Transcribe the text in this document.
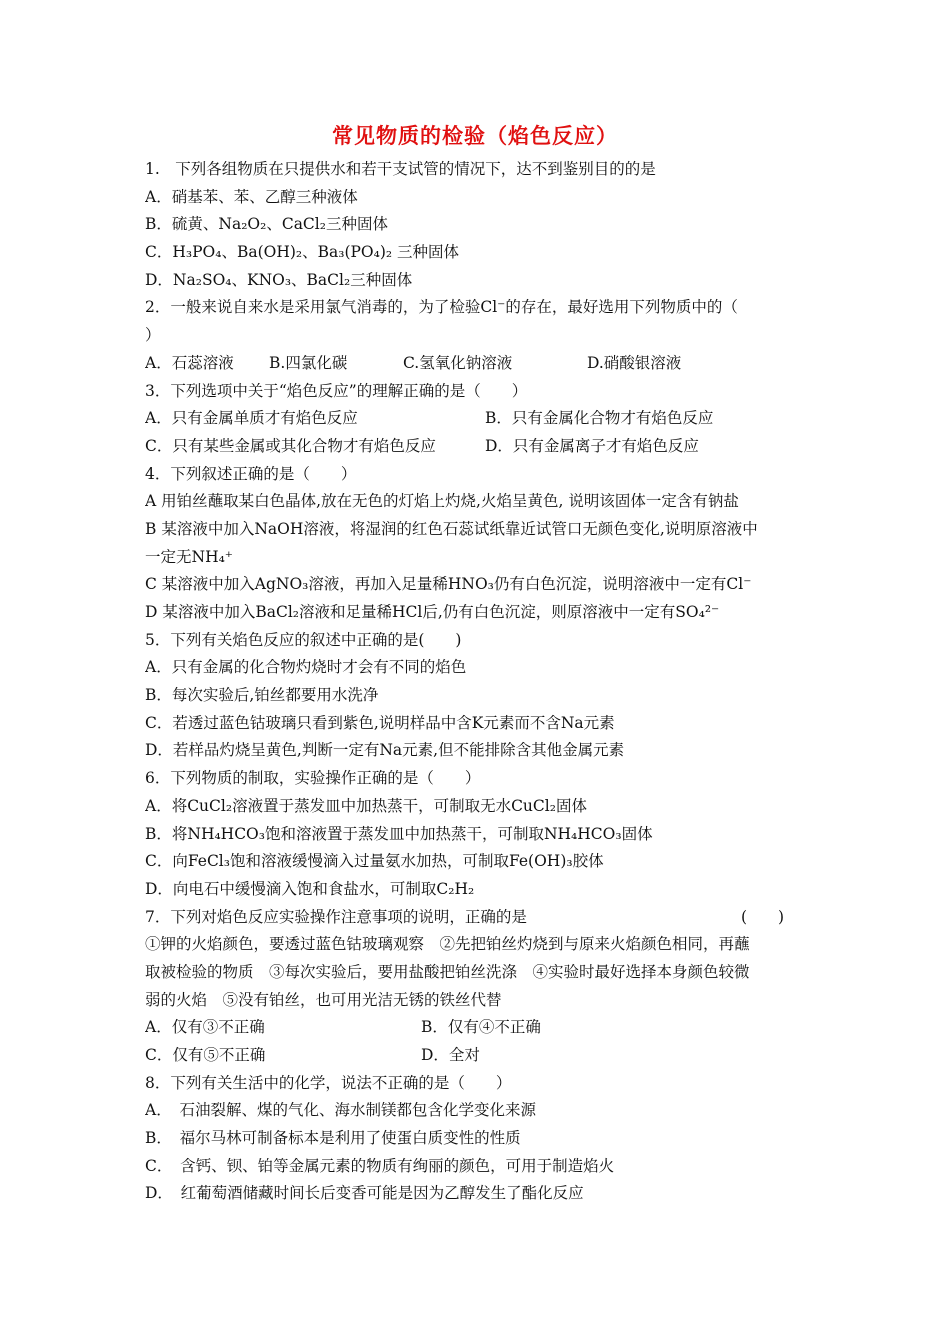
常见物质的检验（焰色反应）
1.　下列各组物质在只提供水和若干支试管的情况下，达不到鉴别目的的是
A．硝基苯、苯、乙醇三种液体
B．硫黄、Na₂O₂、CaCl₂三种固体
C．H₃PO₄、Ba(OH)₂、Ba₃(PO₄)₂ 三种固体
D．Na₂SO₄、KNO₃、BaCl₂三种固体
2．一般来说自来水是采用氯气消毒的，为了检验Cl⁻的存在，最好选用下列物质中的（
）
A．石蕊溶液	B.四氯化碳	C.氢氧化钠溶液	D.硝酸银溶液
3．下列选项中关于“焰色反应”的理解正确的是（　　）
A．只有金属单质才有焰色反应	B．只有金属化合物才有焰色反应
C．只有某些金属或其化合物才有焰色反应	D．只有金属离子才有焰色反应
4．下列叙述正确的是（　　）
A 用铂丝蘸取某白色晶体,放在无色的灯焰上灼烧,火焰呈黄色, 说明该固体一定含有钠盐
B 某溶液中加入NaOH溶液，将湿润的红色石蕊试纸靠近试管口无颜色变化,说明原溶液中
一定无NH₄⁺
C 某溶液中加入AgNO₃溶液，再加入足量稀HNO₃仍有白色沉淀，说明溶液中一定有Cl⁻
D 某溶液中加入BaCl₂溶液和足量稀HCl后,仍有白色沉淀，则原溶液中一定有SO₄²⁻
5．下列有关焰色反应的叙述中正确的是(　　)
A．只有金属的化合物灼烧时才会有不同的焰色
B．每次实验后,铂丝都要用水洗净
C．若透过蓝色钴玻璃只看到紫色,说明样品中含K元素而不含Na元素
D．若样品灼烧呈黄色,判断一定有Na元素,但不能排除含其他金属元素
6．下列物质的制取，实验操作正确的是（　　）
A．将CuCl₂溶液置于蒸发皿中加热蒸干，可制取无水CuCl₂固体
B．将NH₄HCO₃饱和溶液置于蒸发皿中加热蒸干，可制取NH₄HCO₃固体
C．向FeCl₃饱和溶液缓慢滴入过量氨水加热，可制取Fe(OH)₃胶体
D．向电石中缓慢滴入饱和食盐水，可制取C₂H₂
7．下列对焰色反应实验操作注意事项的说明，正确的是	(　　)
①钾的火焰颜色，要透过蓝色钴玻璃观察　②先把铂丝灼烧到与原来火焰颜色相同，再蘸
取被检验的物质　③每次实验后，要用盐酸把铂丝洗涤　④实验时最好选择本身颜色较微
弱的火焰　⑤没有铂丝，也可用光洁无锈的铁丝代替
A．仅有③不正确	B．仅有④不正确
C．仅有⑤不正确	D．全对
8．下列有关生活中的化学，说法不正确的是（　　）
A．　石油裂解、煤的气化、海水制镁都包含化学变化来源
B．　福尔马林可制备标本是利用了使蛋白质变性的性质
C．　含钙、钡、铂等金属元素的物质有绚丽的颜色，可用于制造焰火
D．　红葡萄酒储藏时间长后变香可能是因为乙醇发生了酯化反应
